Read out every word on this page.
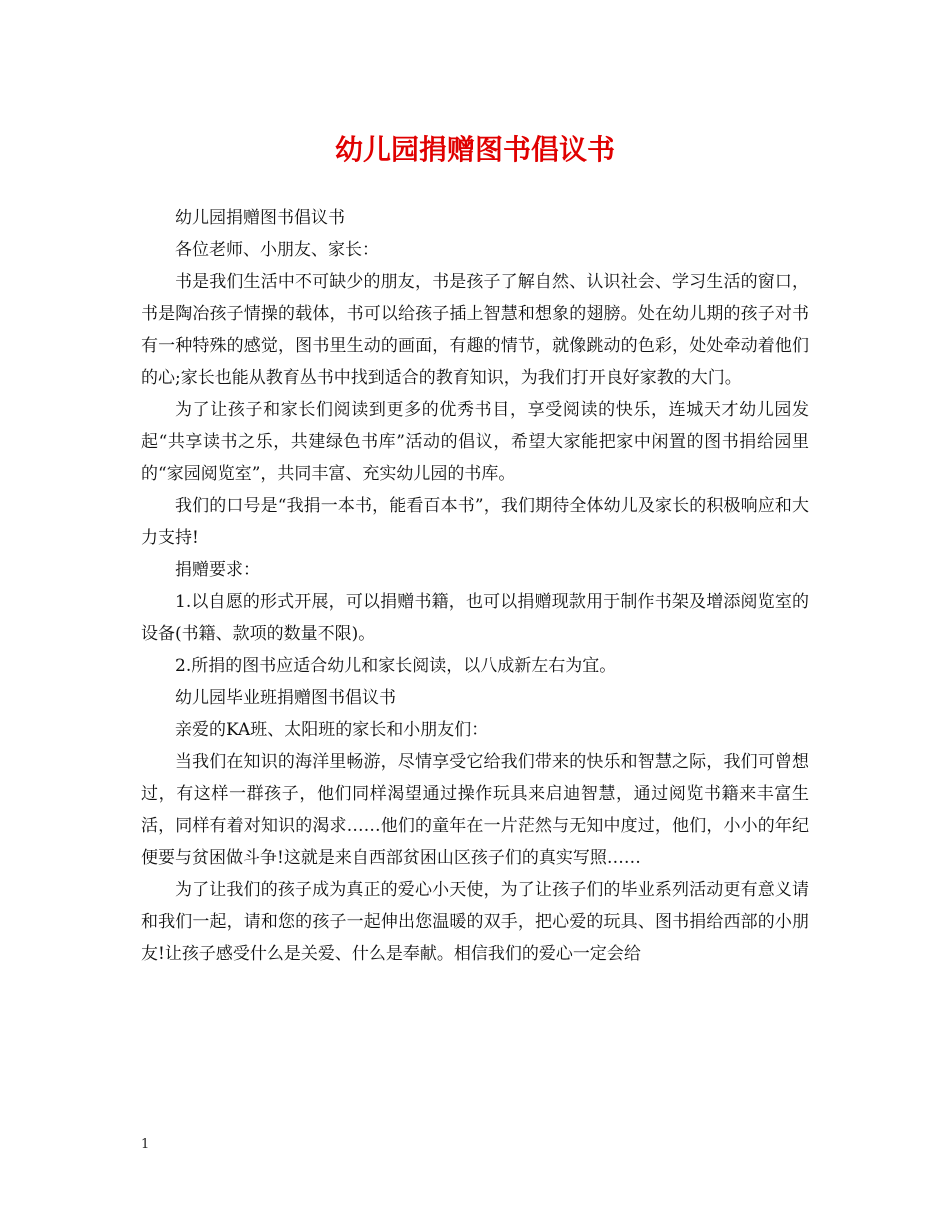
幼儿园捐赠图书倡议书

幼儿园捐赠图书倡议书

各位老师、小朋友、家长：

书是我们生活中不可缺少的朋友，书是孩子了解自然、认识社会、学习生活的窗口，书是陶冶孩子情操的载体，书可以给孩子插上智慧和想象的翅膀。处在幼儿期的孩子对书有一种特殊的感觉，图书里生动的画面，有趣的情节，就像跳动的色彩，处处牵动着他们的心;家长也能从教育丛书中找到适合的教育知识，为我们打开良好家教的大门。

为了让孩子和家长们阅读到更多的优秀书目，享受阅读的快乐，连城天才幼儿园发起“共享读书之乐，共建绿色书库”活动的倡议，希望大家能把家中闲置的图书捐给园里的“家园阅览室”，共同丰富、充实幼儿园的书库。

我们的口号是“我捐一本书，能看百本书”，我们期待全体幼儿及家长的积极响应和大力支持!

捐赠要求：

1.以自愿的形式开展，可以捐赠书籍，也可以捐赠现款用于制作书架及增添阅览室的设备(书籍、款项的数量不限)。

2.所捐的图书应适合幼儿和家长阅读，以八成新左右为宜。

幼儿园毕业班捐赠图书倡议书

亲爱的KA班、太阳班的家长和小朋友们：

当我们在知识的海洋里畅游，尽情享受它给我们带来的快乐和智慧之际，我们可曾想过，有这样一群孩子，他们同样渴望通过操作玩具来启迪智慧，通过阅览书籍来丰富生活，同样有着对知识的渴求……他们的童年在一片茫然与无知中度过，他们，小小的年纪便要与贫困做斗争!这就是来自西部贫困山区孩子们的真实写照……

为了让我们的孩子成为真正的爱心小天使，为了让孩子们的毕业系列活动更有意义请和我们一起，请和您的孩子一起伸出您温暖的双手，把心爱的玩具、图书捐给西部的小朋友!让孩子感受什么是关爱、什么是奉献。相信我们的爱心一定会给

1
